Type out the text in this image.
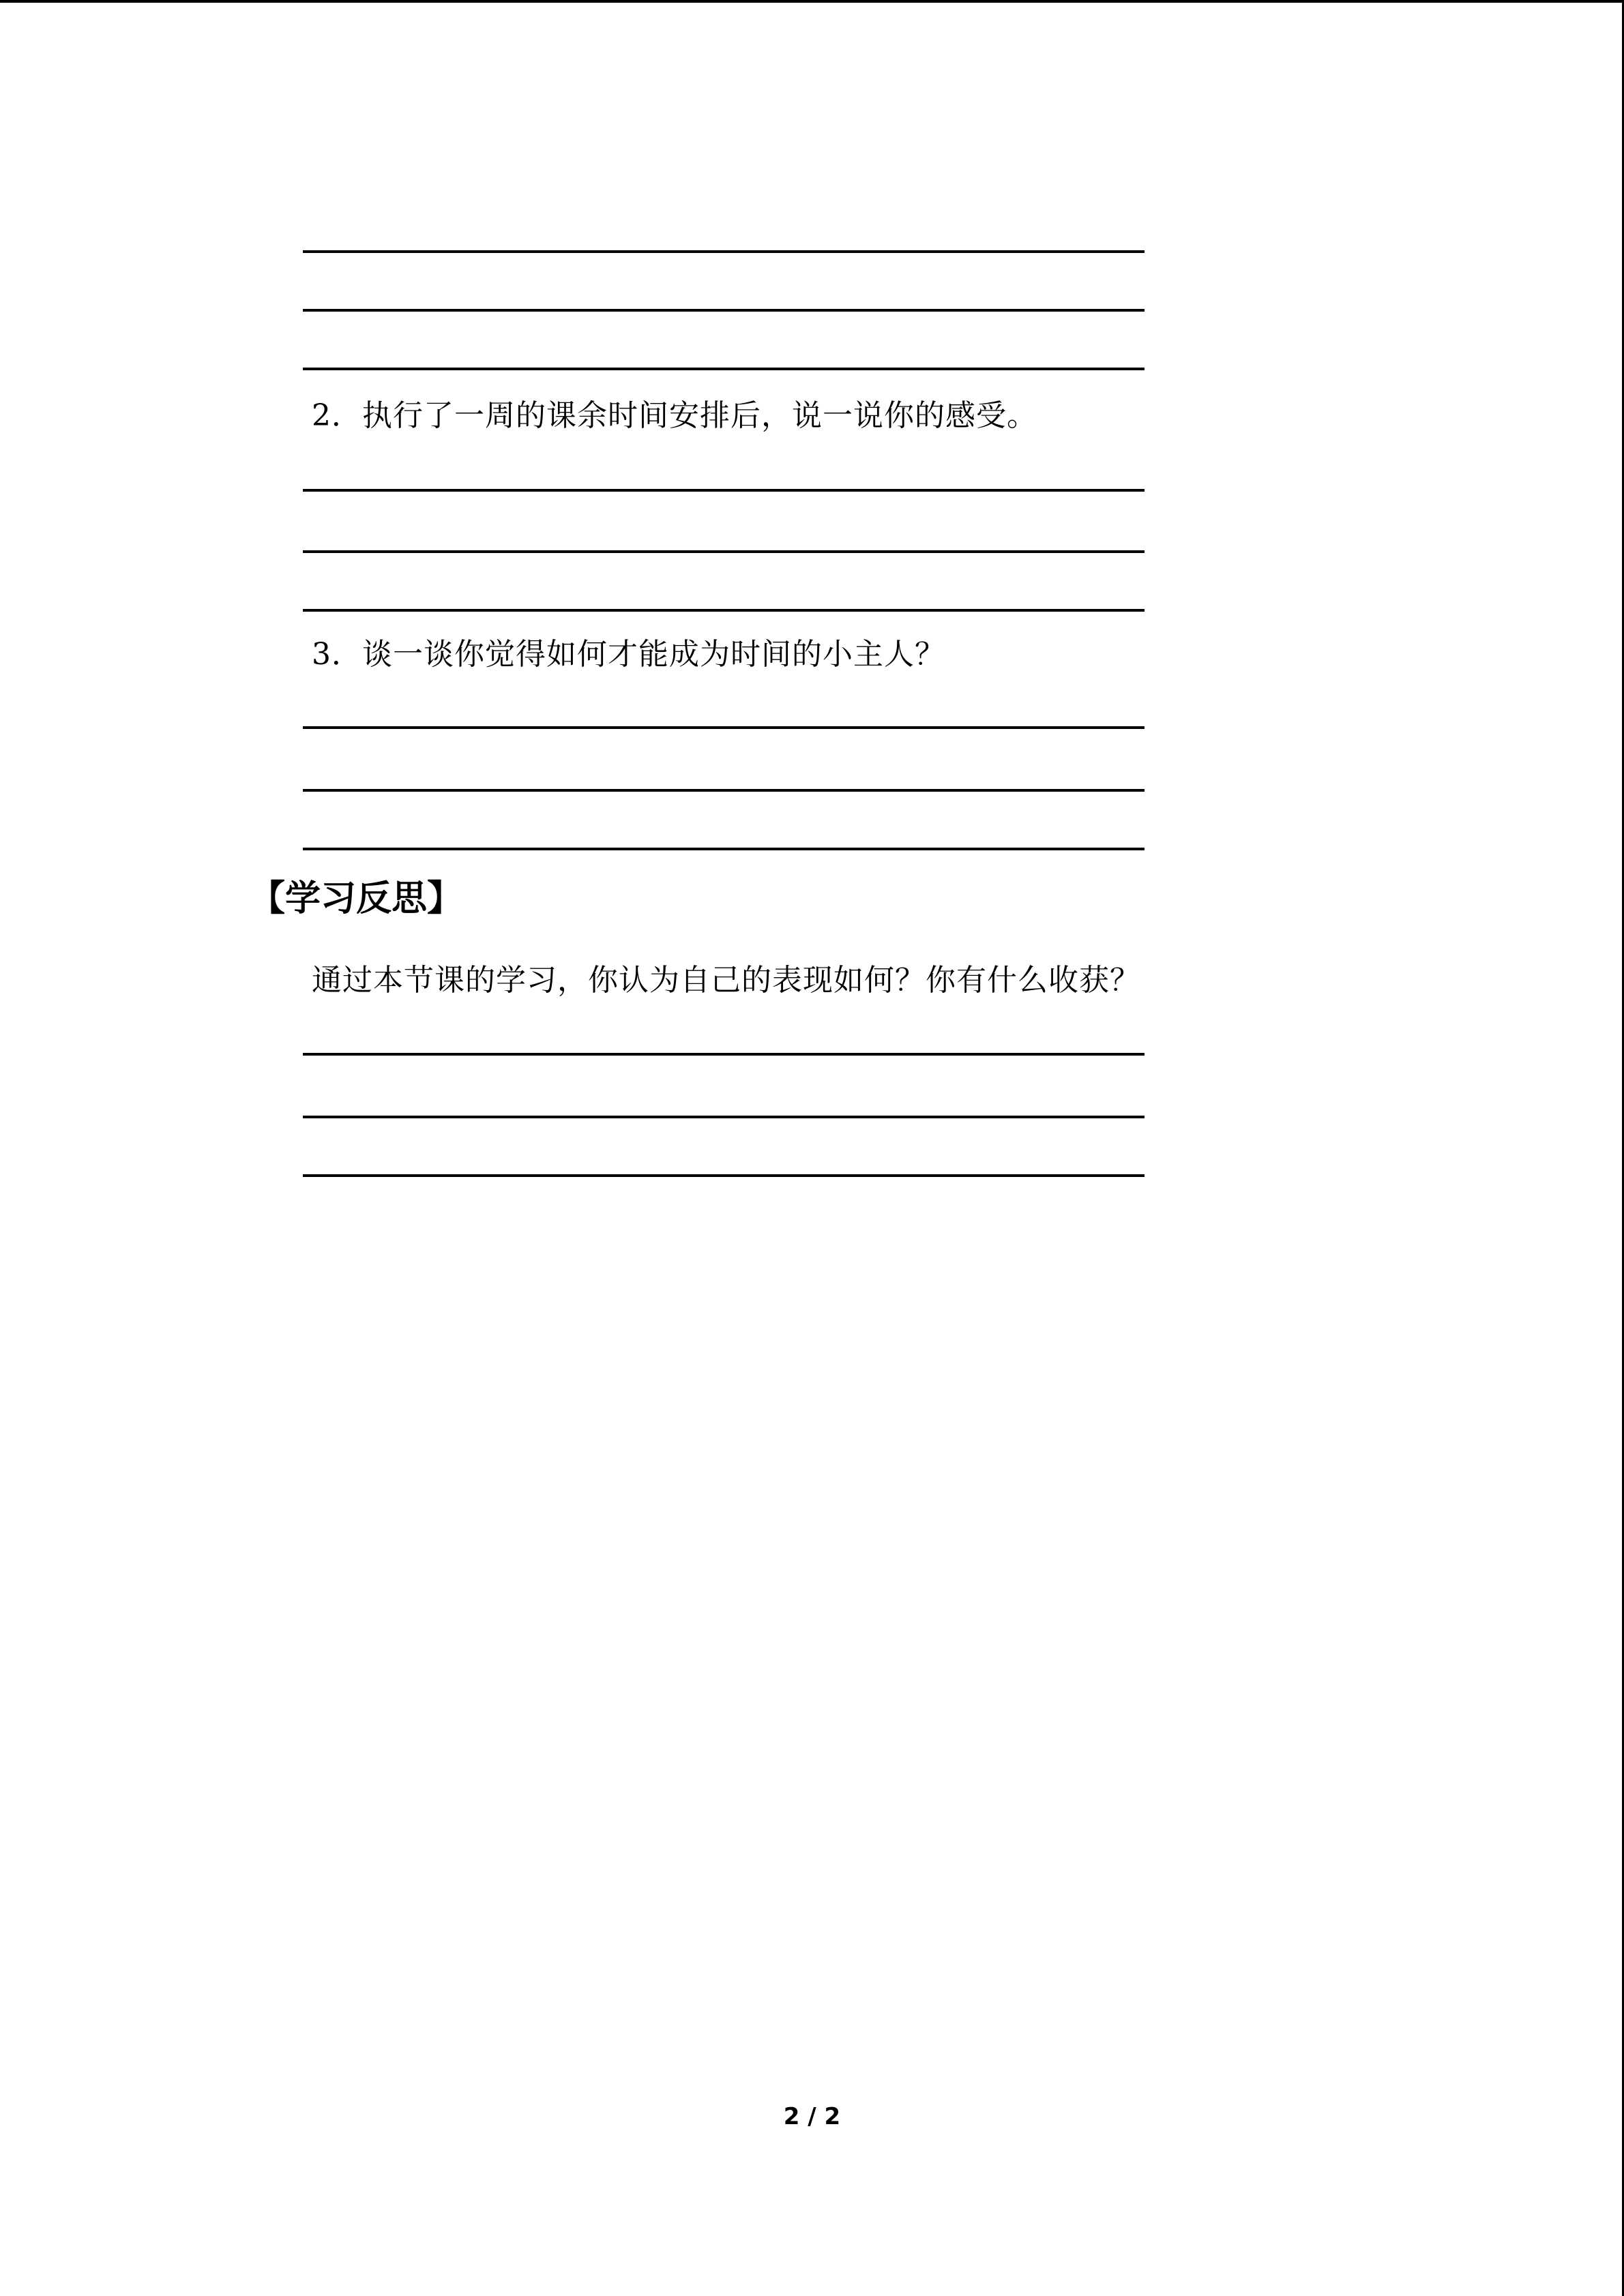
2．执行了一周的课余时间安排后，说一说你的感受。
3．谈一谈你觉得如何才能成为时间的小主人？
【学习反思】
通过本节课的学习，你认为自己的表现如何？你有什么收获？
2 / 2
